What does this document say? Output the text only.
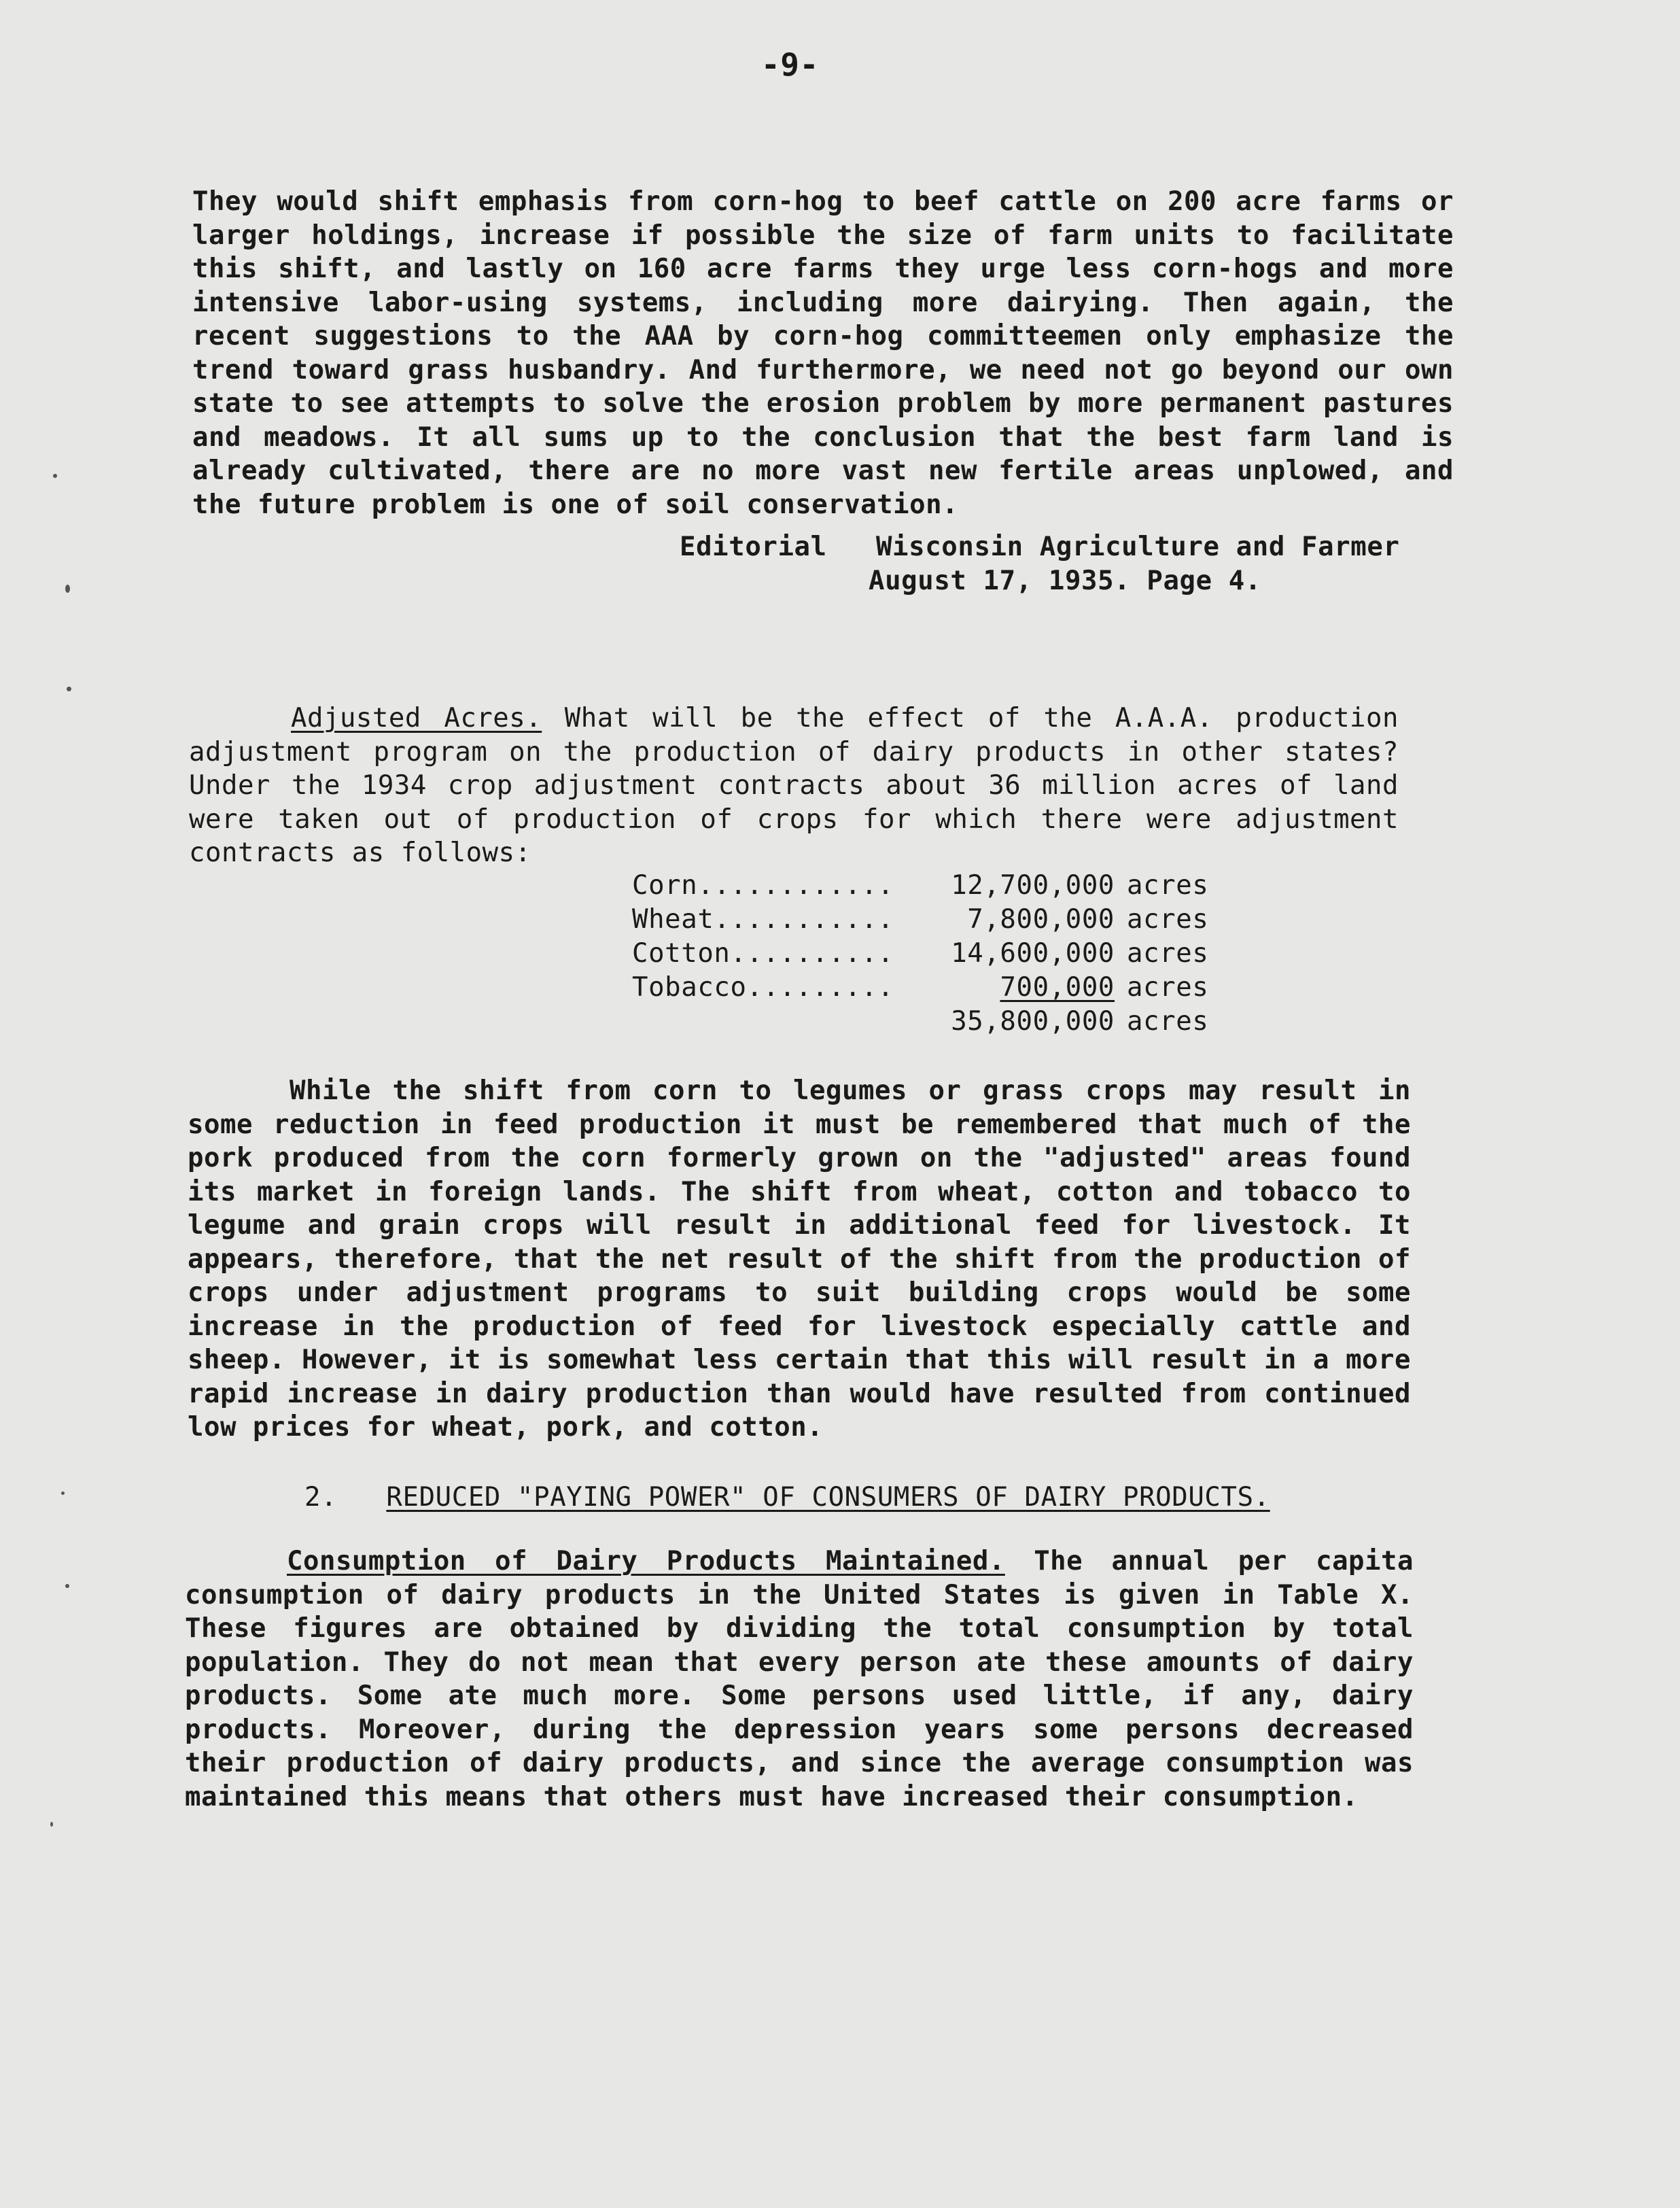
-9-
They would shift emphasis from corn-hog to beef cattle on 200 acre farms or larger holdings, increase if possible the size of farm units to facilitate this shift, and lastly on 160 acre farms they urge less corn-hogs and more intensive labor-using systems, including more dairying. Then again, the recent suggestions to the AAA by corn-hog committeemen only emphasize the trend toward grass husbandry. And furthermore, we need not go beyond our own state to see attempts to solve the erosion problem by more permanent pastures and meadows. It all sums up to the conclusion that the best farm land is already cultivated, there are no more vast new fertile areas unplowed, and the future problem is one of soil conservation.
Editorial   Wisconsin Agriculture and Farmer
August 17, 1935. Page 4.
Adjusted Acres. What will be the effect of the A.A.A. production adjustment program on the production of dairy products in other states? Under the 1934 crop adjustment contracts about 36 million acres of land were taken out of production of crops for which there were adjustment contracts as follows:
Corn............ 12,700,000 acres
Wheat...........	7,800,000 acres
Cotton.......... 14,600,000 acres
Tobacco.........	700,000 acres
35,800,000 acres
While the shift from corn to legumes or grass crops may result in some reduction in feed production it must be remembered that much of the pork produced from the corn formerly grown on the "adjusted" areas found its market in foreign lands. The shift from wheat, cotton and tobacco to legume and grain crops will result in additional feed for livestock. It appears, therefore, that the net result of the shift from the production of crops under adjustment programs to suit building crops would be some increase in the production of feed for livestock especially cattle and sheep. However, it is somewhat less certain that this will result in a more rapid increase in dairy production than would have resulted from continued low prices for wheat, pork, and cotton.
2. REDUCED "PAYING POWER" OF CONSUMERS OF DAIRY PRODUCTS.
Consumption of Dairy Products Maintained. The annual per capita consumption of dairy products in the United States is given in Table X. These figures are obtained by dividing the total consumption by total population. They do not mean that every person ate these amounts of dairy products. Some ate much more. Some persons used little, if any, dairy products. Moreover, during the depression years some persons decreased their production of dairy products, and since the average consumption was maintained this means that others must have increased their consumption.
